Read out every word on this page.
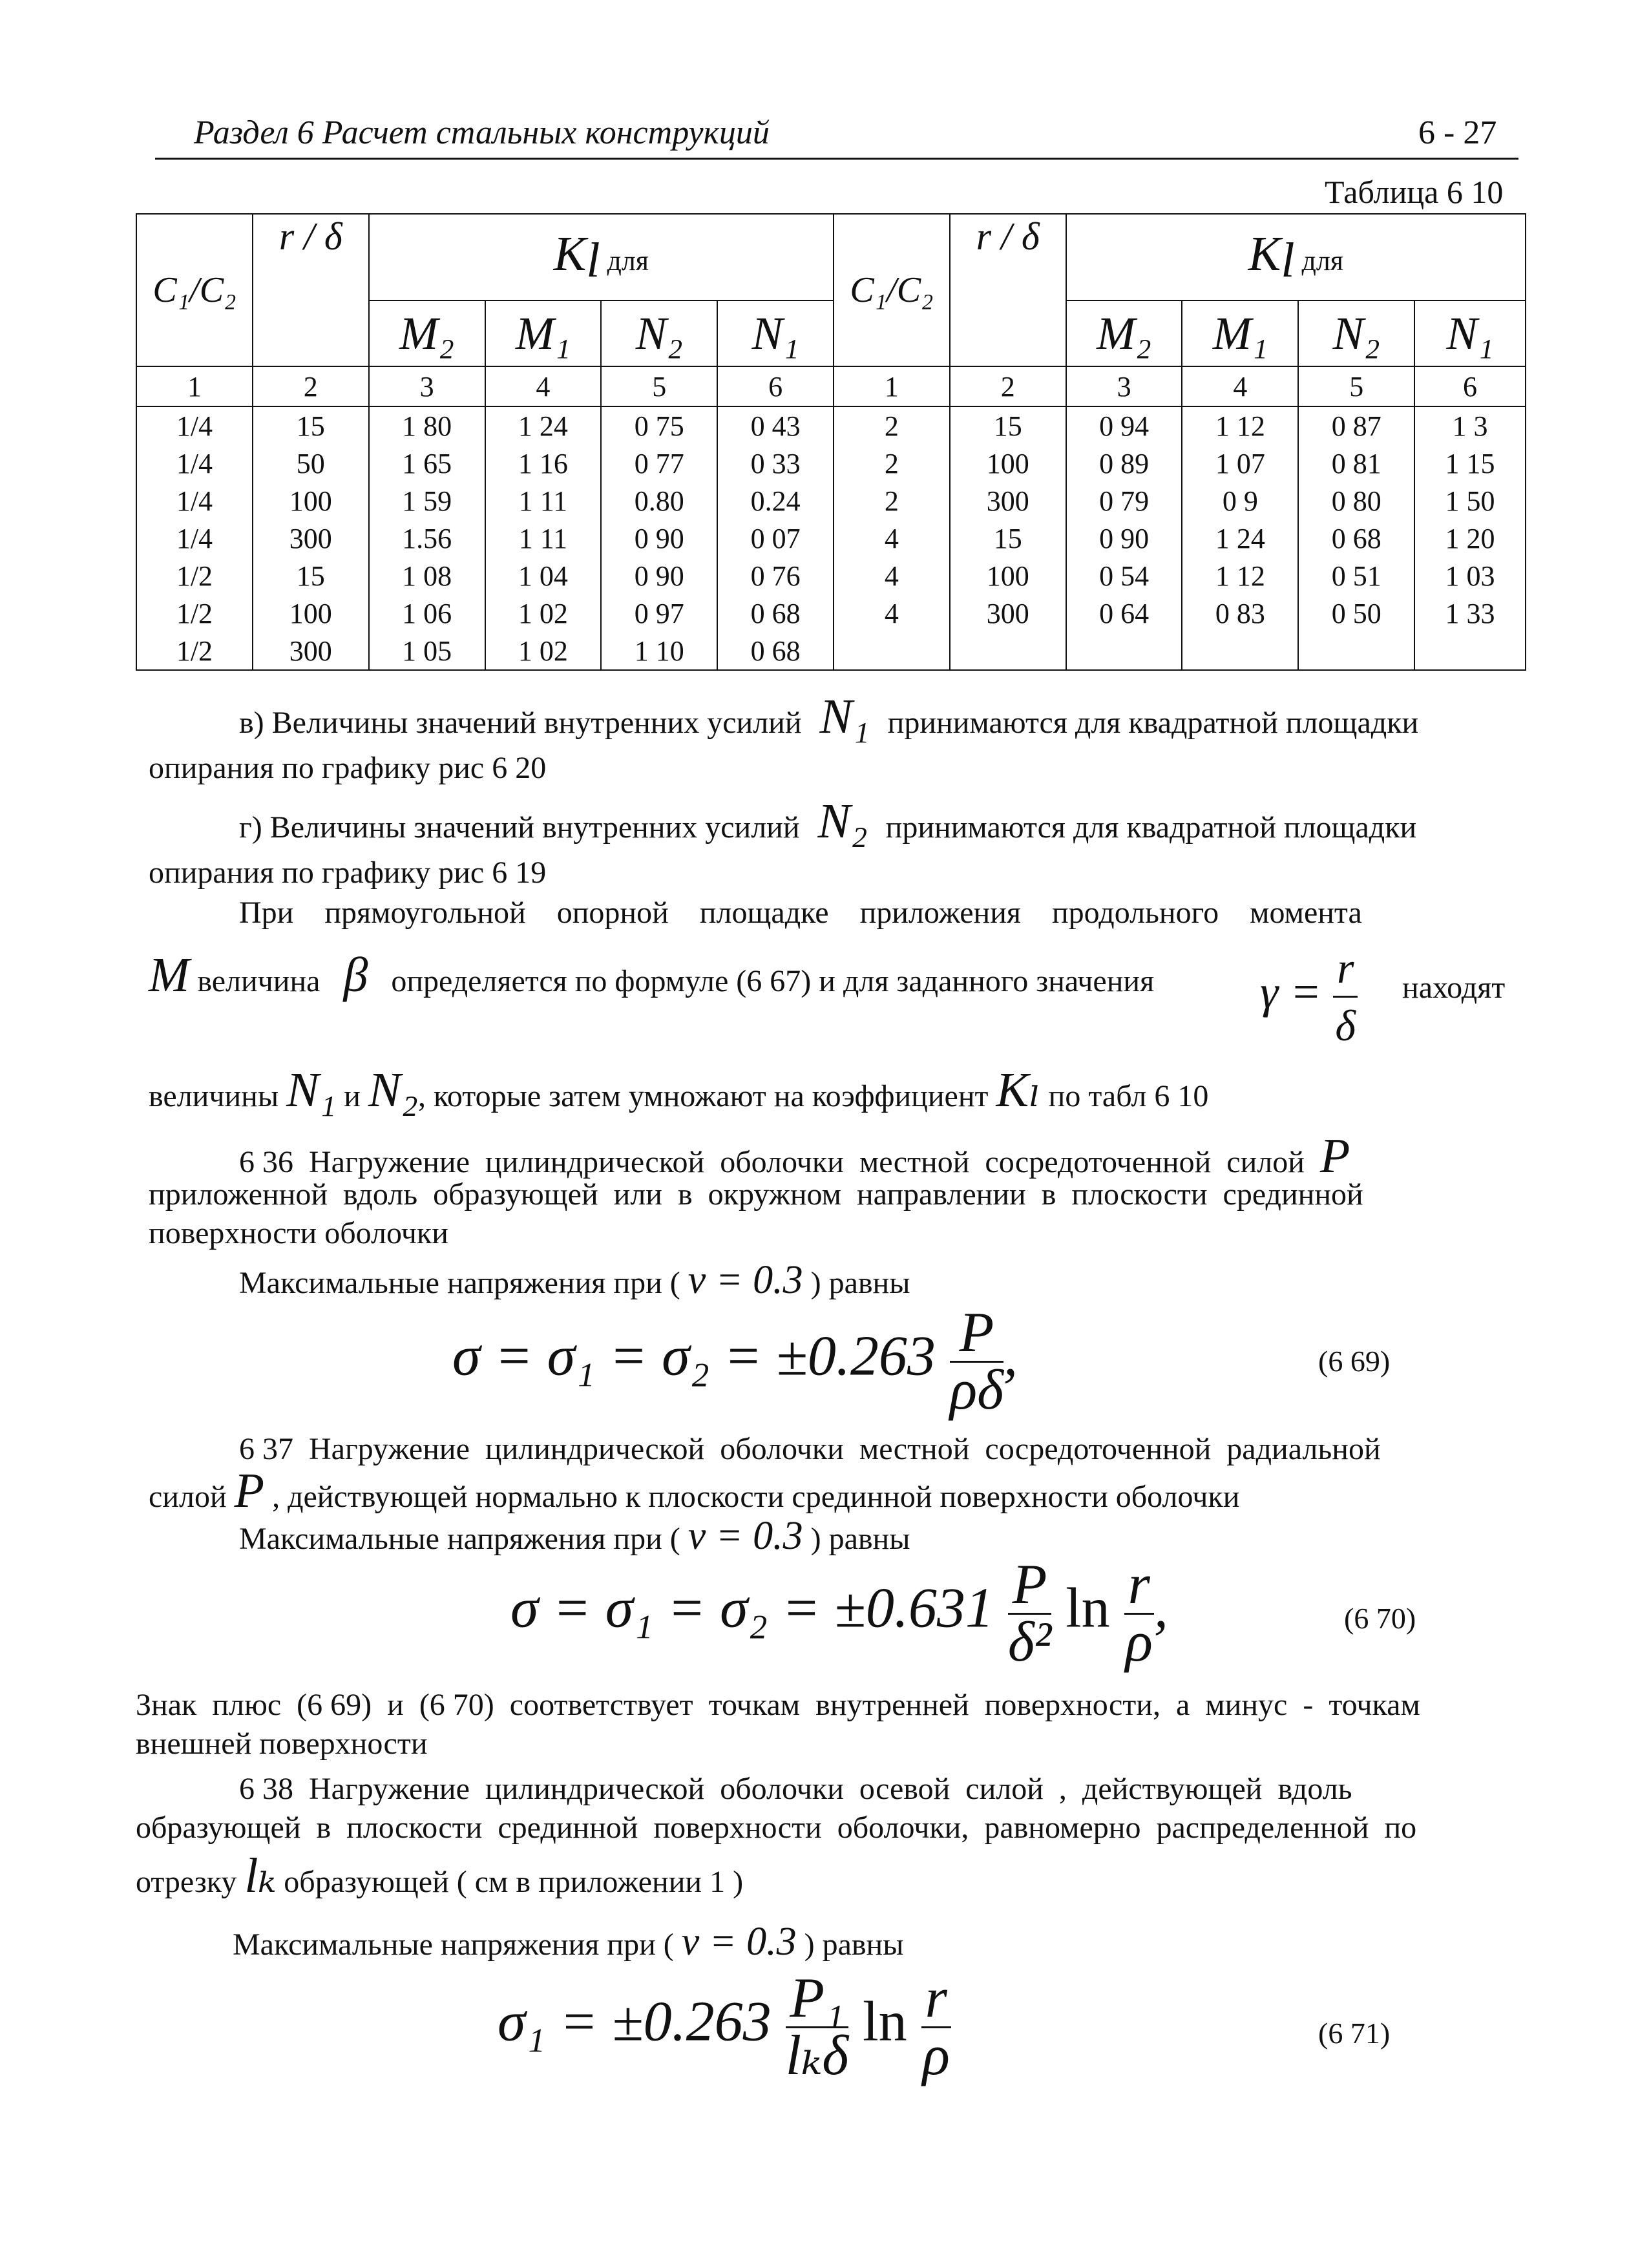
Раздел 6 Расчет стальных конструкций	6 - 27
Таблица 6 10
C₁/C₂	r / δ	$K_l$ для				C₁/C₂	r / δ	$K_l$ для			
		M₂	M₁	N₂	N₁			M₂	M₁	N₂	N₁
1	2	3	4	5	6	1	2	3	4	5	6
1/4	15	1 80	1 24	0 75	0 43	2	15	0 94	1 12	0 87	1 3
1/4	50	1 65	1 16	0 77	0 33	2	100	0 89	1 07	0 81	1 15
1/4	100	1 59	1 11	0.80	0.24	2	300	0 79	0 9	0 80	1 50
1/4	300	1.56	1 11	0 90	0 07	4	15	0 90	1 24	0 68	1 20
1/2	15	1 08	1 04	0 90	0 76	4	100	0 54	1 12	0 51	1 03
1/2	100	1 06	1 02	0 97	0 68	4	300	0 64	0 83	0 50	1 33
1/2	300	1 05	1 02	1 10	0 68						
в) Величины значений внутренних усилий N₁ принимаются для квадратной площадки
опирания по графику рис 6 20
г) Величины значений внутренних усилий N₂ принимаются для квадратной площадки
опирания по графику рис 6 19
При    прямоугольной    опорной    площадке    приложения    продольного    момента
M величина β определяется по формуле (6 67) и для заданного значения $\gamma = \frac{r}{\delta}$ находят
величины N₁ и N₂, которые затем умножают на коэффициент Kₗ по табл 6 10
6 36  Нагружение  цилиндрической  оболочки  местной  сосредоточенной  силой P
приложенной  вдоль  образующей  или  в  окружном  направлении  в  плоскости  срединной
поверхности оболочки
Максимальные напряжения при ( ν = 0.3 ) равны
$\sigma = \sigma_1 = \sigma_2 = \pm 0.263 \frac{P}{\rho\delta}$ ,	(6 69)
6 37  Нагружение  цилиндрической  оболочки  местной  сосредоточенной  радиальной
силой P , действующей нормально к плоскости срединной поверхности оболочки
Максимальные напряжения при ( ν = 0.3 ) равны
$\sigma = \sigma_1 = \sigma_2 = \pm 0.631 \frac{P}{\text{δ²}}$ $\ln \frac{r}{\rho}$ ,	(6 70)
Знак  плюс  (6 69)  и  (6 70)  соответствует  точкам  внутренней  поверхности,  а  минус  -  точкам
внешней поверхности
6 38  Нагружение  цилиндрической  оболочки  осевой  силой  ,  действующей  вдоль
образующей  в  плоскости  срединной  поверхности  оболочки,  равномерно  распределенной  по
отрезку lₖ образующей ( см в приложении 1 )
Максимальные напряжения при ( ν = 0.3 ) равны
$\sigma_1 = \pm 0.263 \frac{\text{P₁}}{\text{lₖδ}}$ $\ln \frac{r}{\rho}$	(6 71)
